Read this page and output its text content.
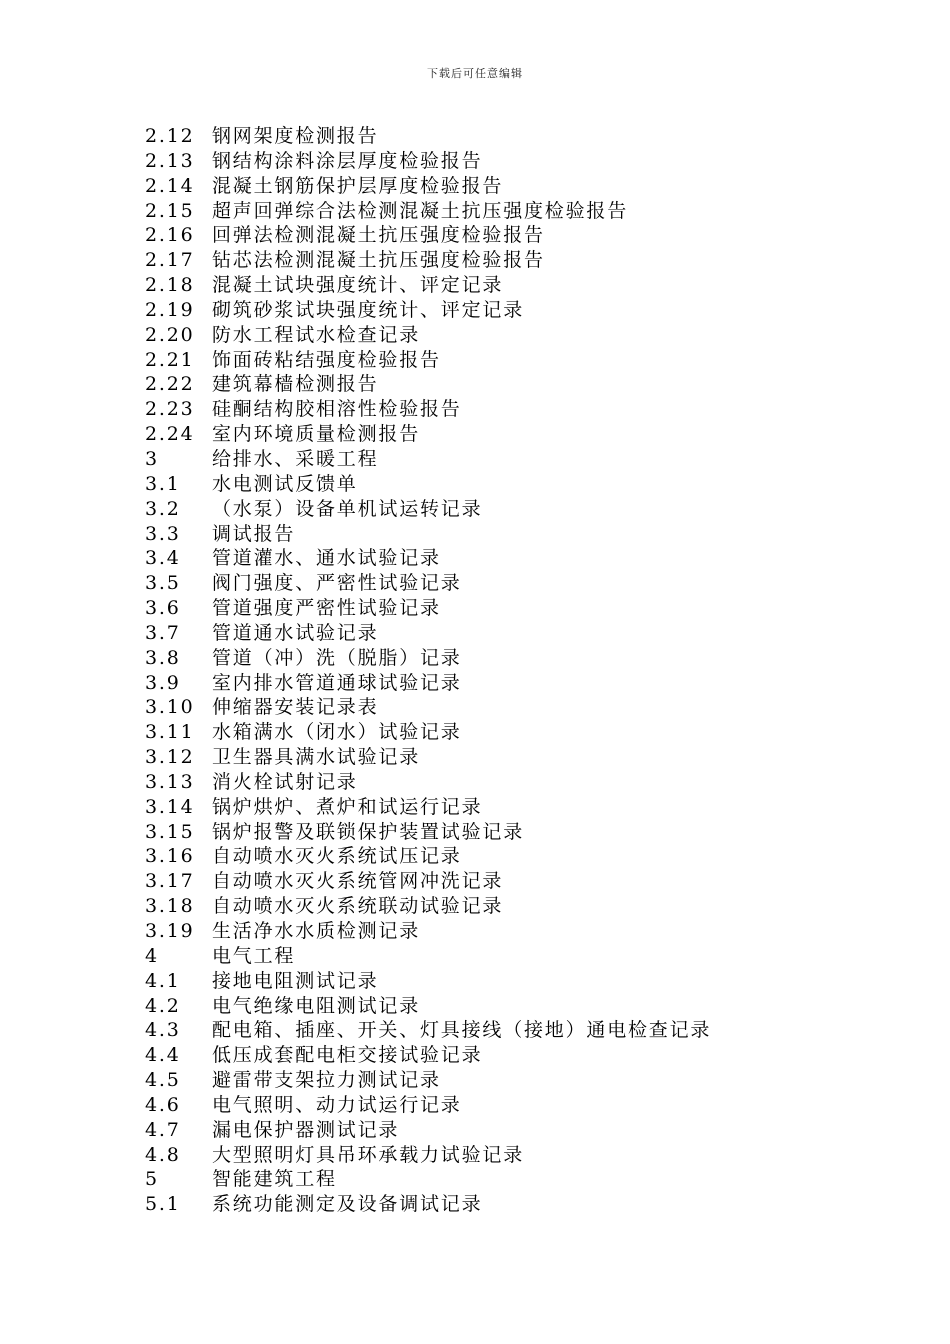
下载后可任意编辑
2.12 钢网架度检测报告
2.13 钢结构涂料涂层厚度检验报告
2.14 混凝土钢筋保护层厚度检验报告
2.15 超声回弹综合法检测混凝土抗压强度检验报告
2.16 回弹法检测混凝土抗压强度检验报告
2.17 钻芯法检测混凝土抗压强度检验报告
2.18 混凝土试块强度统计、评定记录
2.19 砌筑砂浆试块强度统计、评定记录
2.20 防水工程试水检查记录
2.21 饰面砖粘结强度检验报告
2.22 建筑幕樯检测报告
2.23 硅酮结构胶相溶性检验报告
2.24 室内环境质量检测报告
3	给排水、采暖工程
3.1 水电测试反馈单
3.2 （水泵）设备单机试运转记录
3.3 调试报告
3.4 管道灌水、通水试验记录
3.5 阀门强度、严密性试验记录
3.6 管道强度严密性试验记录
3.7 管道通水试验记录
3.8 管道（冲）洗（脱脂）记录
3.9 室内排水管道通球试验记录
3.10 伸缩器安装记录表
3.11 水箱满水（闭水）试验记录
3.12 卫生器具满水试验记录
3.13 消火栓试射记录
3.14 锅炉烘炉、煮炉和试运行记录
3.15 锅炉报警及联锁保护装置试验记录
3.16 自动喷水灭火系统试压记录
3.17 自动喷水灭火系统管网冲洗记录
3.18 自动喷水灭火系统联动试验记录
3.19 生活净水水质检测记录
4	电气工程
4.1 接地电阻测试记录
4.2 电气绝缘电阻测试记录
4.3 配电箱、插座、开关、灯具接线（接地）通电检查记录
4.4 低压成套配电柜交接试验记录
4.5 避雷带支架拉力测试记录
4.6 电气照明、动力试运行记录
4.7 漏电保护器测试记录
4.8 大型照明灯具吊环承载力试验记录
5	智能建筑工程
5.1 系统功能测定及设备调试记录
